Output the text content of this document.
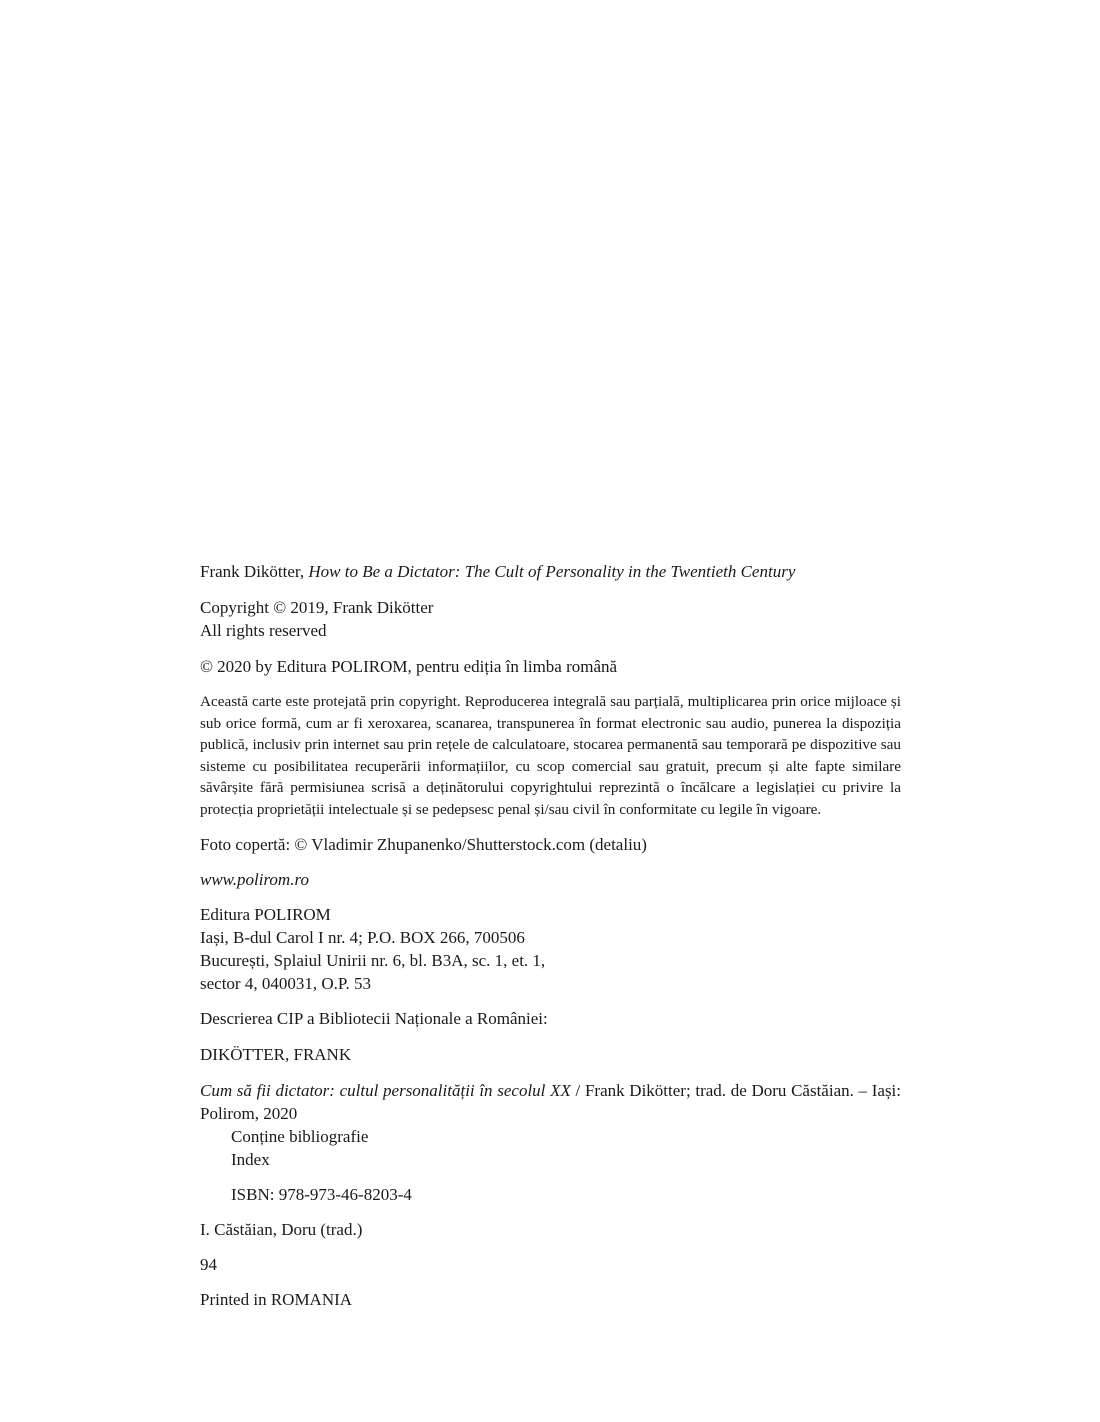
Frank Dikötter, How to Be a Dictator: The Cult of Personality in the Twentieth Century

Copyright © 2019, Frank Dikötter

All rights reserved

© 2020 by Editura POLIROM, pentru ediția în limba română

Această carte este protejată prin copyright. Reproducerea integrală sau parțială, multiplicarea prin orice mijloace și sub orice formă, cum ar fi xeroxarea, scanarea, transpunerea în format electronic sau audio, punerea la dispoziția publică, inclusiv prin internet sau prin rețele de calculatoare, stocarea permanentă sau temporară pe dispozitive sau sisteme cu posibilitatea recuperării informațiilor, cu scop comercial sau gratuit, precum și alte fapte similare săvârșite fără permisiunea scrisă a deținătorului copyrightului reprezintă o încălcare a legislației cu privire la protecția proprietății intelectuale și se pedepsesc penal și/sau civil în conformitate cu legile în vigoare.

Foto copertă: © Vladimir Zhupanenko/Shutterstock.com (detaliu)

www.polirom.ro

Editura POLIROM

Iași, B-dul Carol I nr. 4; P.O. BOX 266, 700506

București, Splaiul Unirii nr. 6, bl. B3A, sc. 1, et. 1,

sector 4, 040031, O.P. 53

Descrierea CIP a Bibliotecii Naționale a României:

DIKÖTTER, FRANK

Cum să fii dictator: cultul personalității în secolul XX / Frank Dikötter; trad. de Doru Căstăian. – Iași: Polirom, 2020

Conține bibliografie

Index

ISBN: 978-973-46-8203-4

I. Căstăian, Doru (trad.)

94

Printed in ROMANIA
